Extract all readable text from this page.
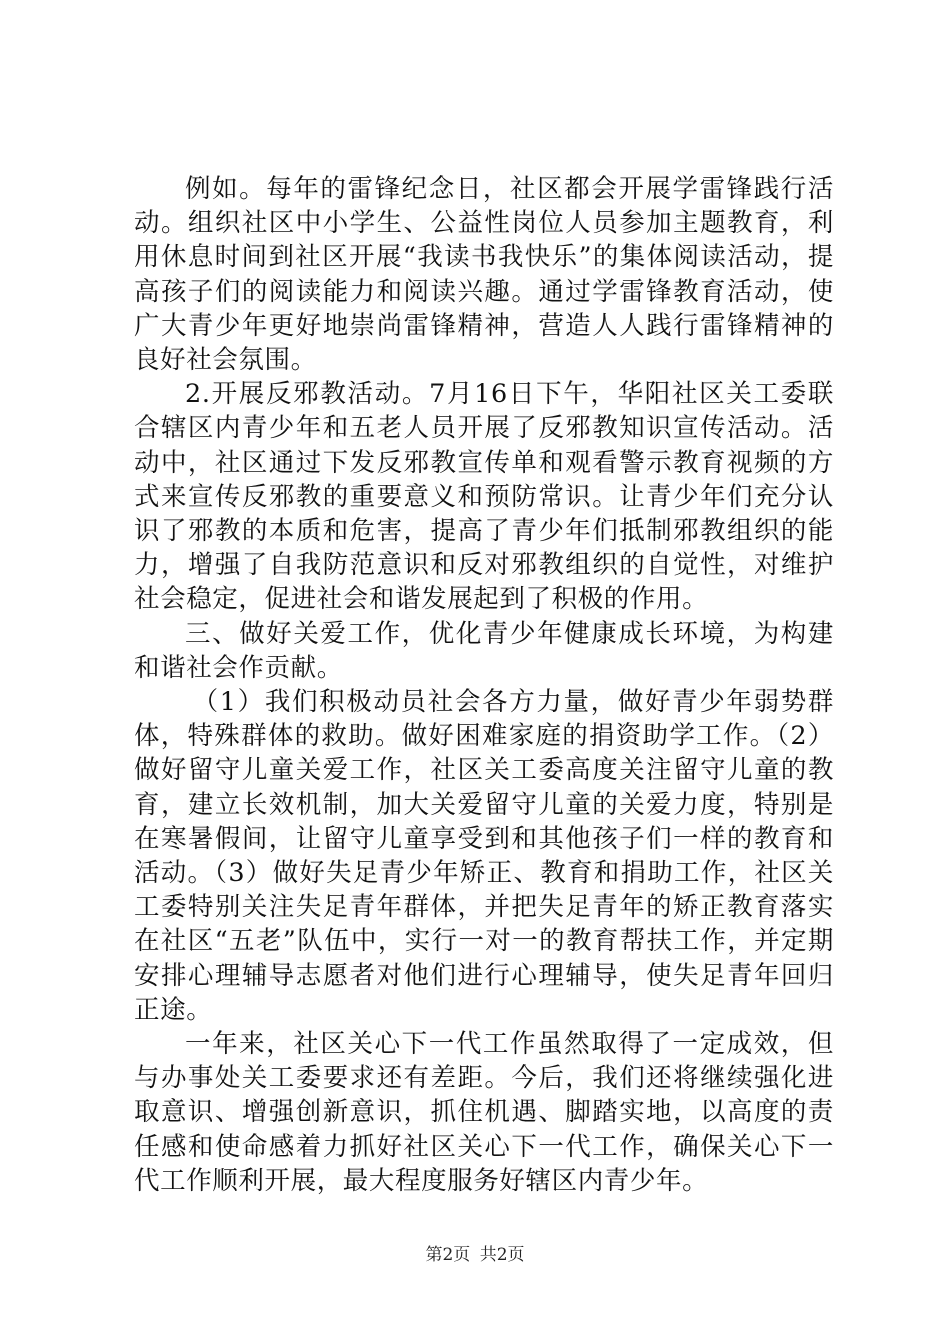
例如。每年的雷锋纪念日，社区都会开展学雷锋践行活动。组织社区中小学生、公益性岗位人员参加主题教育，利用休息时间到社区开展“我读书我快乐”的集体阅读活动，提高孩子们的阅读能力和阅读兴趣。通过学雷锋教育活动，使广大青少年更好地崇尚雷锋精神，营造人人践行雷锋精神的良好社会氛围。

2.开展反邪教活动。7月16日下午，华阳社区关工委联合辖区内青少年和五老人员开展了反邪教知识宣传活动。活动中，社区通过下发反邪教宣传单和观看警示教育视频的方式来宣传反邪教的重要意义和预防常识。让青少年们充分认识了邪教的本质和危害，提高了青少年们抵制邪教组织的能力，增强了自我防范意识和反对邪教组织的自觉性，对维护社会稳定，促进社会和谐发展起到了积极的作用。

三、做好关爱工作，优化青少年健康成长环境，为构建和谐社会作贡献。

（1）我们积极动员社会各方力量，做好青少年弱势群体，特殊群体的救助。做好困难家庭的捐资助学工作。（2）做好留守儿童关爱工作，社区关工委高度关注留守儿童的教育，建立长效机制，加大关爱留守儿童的关爱力度，特别是在寒暑假间，让留守儿童享受到和其他孩子们一样的教育和活动。（3）做好失足青少年矫正、教育和捐助工作，社区关工委特别关注失足青年群体，并把失足青年的矫正教育落实在社区“五老”队伍中，实行一对一的教育帮扶工作，并定期安排心理辅导志愿者对他们进行心理辅导，使失足青年回归正途。

一年来，社区关心下一代工作虽然取得了一定成效，但与办事处关工委要求还有差距。今后，我们还将继续强化进取意识、增强创新意识，抓住机遇、脚踏实地，以高度的责任感和使命感着力抓好社区关心下一代工作，确保关心下一代工作顺利开展，最大程度服务好辖区内青少年。

第2页 共2页
